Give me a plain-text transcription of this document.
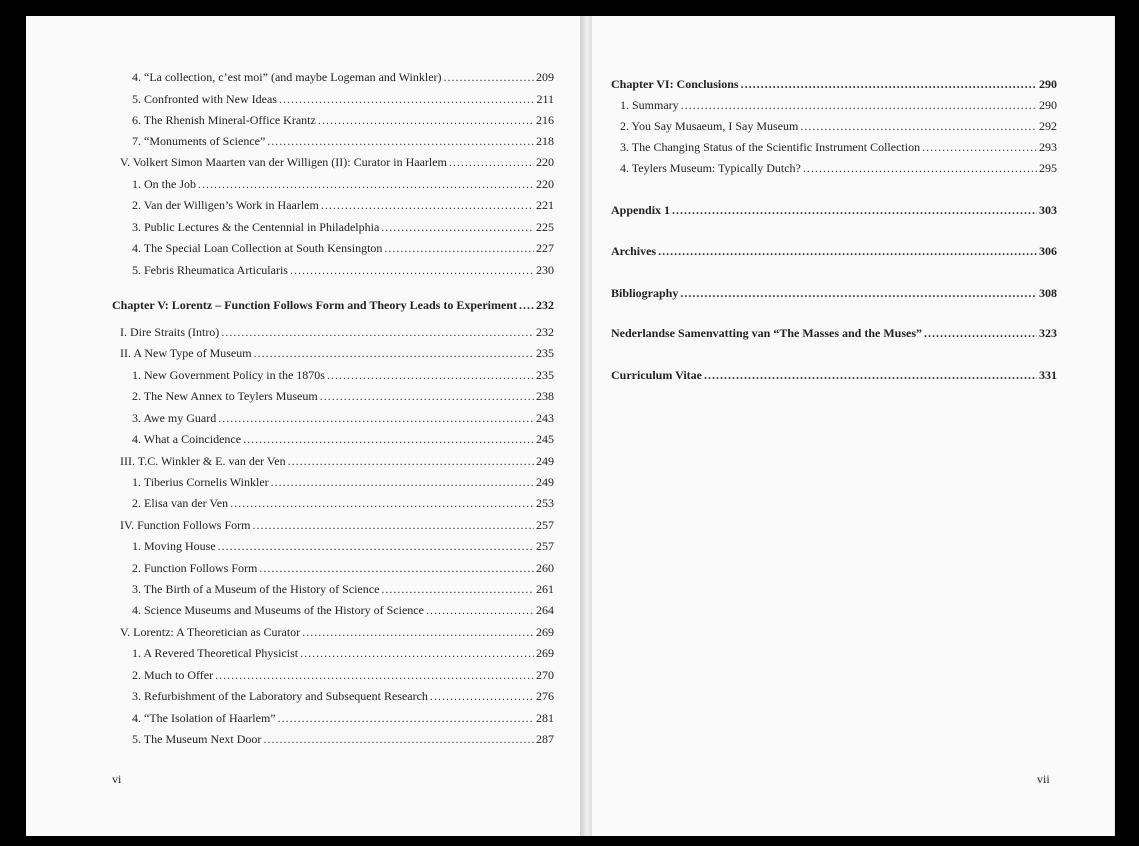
4. “La collection, c’est moi” (and maybe Logeman and Winkler) .....	209
5. Confronted with New Ideas .....	211
6. The Rhenish Mineral-Office Krantz .....	216
7. “Monuments of Science” .....	218
V. Volkert Simon Maarten van der Willigen (II): Curator in Haarlem .....	220
1. On the Job .....	220
2. Van der Willigen’s Work in Haarlem .....	221
3. Public Lectures & the Centennial in Philadelphia .....	225
4. The Special Loan Collection at South Kensington .....	227
5. Febris Rheumatica Articularis .....	230
Chapter V: Lorentz – Function Follows Form and Theory Leads to Experiment ..... 232
I. Dire Straits (Intro) .....	232
II. A New Type of Museum .....	235
1. New Government Policy in the 1870s .....	235
2. The New Annex to Teylers Museum .....	238
3. Awe my Guard .....	243
4. What a Coincidence .....	245
III. T.C. Winkler & E. van der Ven .....	249
1. Tiberius Cornelis Winkler .....	249
2. Elisa van der Ven .....	253
IV. Function Follows Form .....	257
1. Moving House .....	257
2. Function Follows Form .....	260
3. The Birth of a Museum of the History of Science .....	261
4. Science Museums and Museums of the History of Science .....	264
V. Lorentz: A Theoretician as Curator .....	269
1. A Revered Theoretical Physicist .....	269
2. Much to Offer .....	270
3. Refurbishment of the Laboratory and Subsequent Research .....	276
4. “The Isolation of Haarlem” .....	281
5. The Museum Next Door .....	287
vi
Chapter VI: Conclusions .....	290
1. Summary .....	290
2. You Say Musaeum, I Say Museum .....	292
3. The Changing Status of the Scientific Instrument Collection .....	293
4. Teylers Museum: Typically Dutch? .....	295
Appendix 1 .....	303
Archives .....	306
Bibliography .....	308
Nederlandse Samenvatting van “The Masses and the Muses” .....	323
Curriculum Vitae .....	331
vii
